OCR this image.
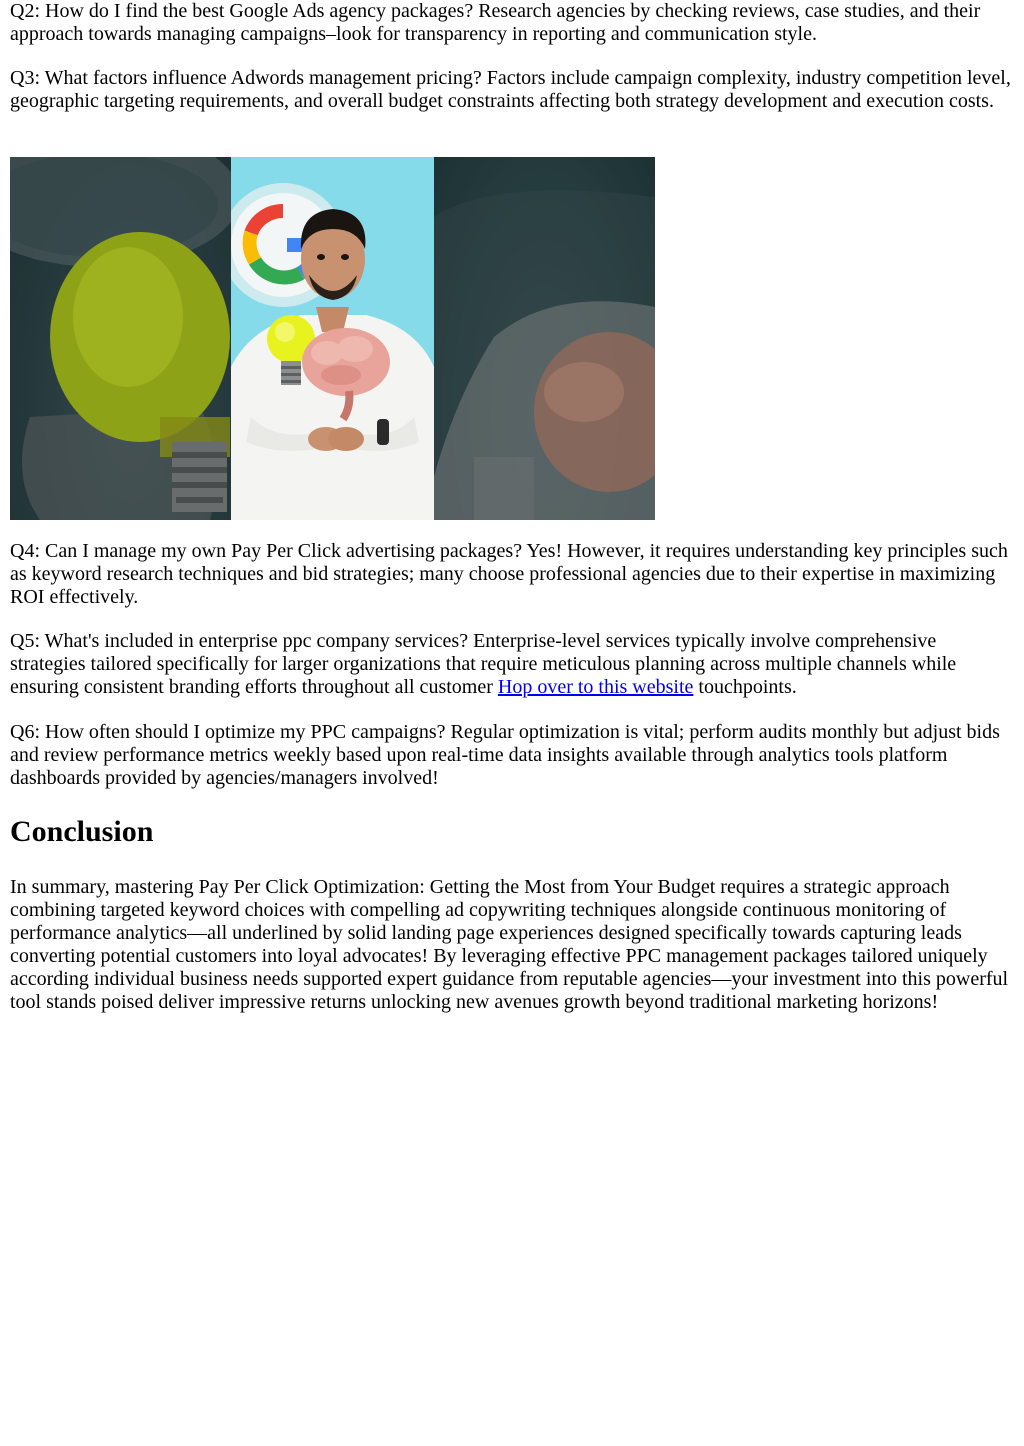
Q2: How do I find the best Google Ads agency packages? Research agencies by checking reviews, case studies, and their approach towards managing campaigns–look for transparency in reporting and communication style.

Q3: What factors influence Adwords management pricing? Factors include campaign complexity, industry competition level, geographic targeting requirements, and overall budget constraints affecting both strategy development and execution costs.

Q4: Can I manage my own Pay Per Click advertising packages? Yes! However, it requires understanding key principles such as keyword research techniques and bid strategies; many choose professional agencies due to their expertise in maximizing ROI effectively.

Q5: What's included in enterprise ppc company services? Enterprise-level services typically involve comprehensive strategies tailored specifically for larger organizations that require meticulous planning across multiple channels while ensuring consistent branding efforts throughout all customer Hop over to this website touchpoints.

Q6: How often should I optimize my PPC campaigns? Regular optimization is vital; perform audits monthly but adjust bids and review performance metrics weekly based upon real-time data insights available through analytics tools platform dashboards provided by agencies/managers involved!

Conclusion

In summary, mastering Pay Per Click Optimization: Getting the Most from Your Budget requires a strategic approach combining targeted keyword choices with compelling ad copywriting techniques alongside continuous monitoring of performance analytics—all underlined by solid landing page experiences designed specifically towards capturing leads converting potential customers into loyal advocates! By leveraging effective PPC management packages tailored uniquely according individual business needs supported expert guidance from reputable agencies—your investment into this powerful tool stands poised deliver impressive returns unlocking new avenues growth beyond traditional marketing horizons!
